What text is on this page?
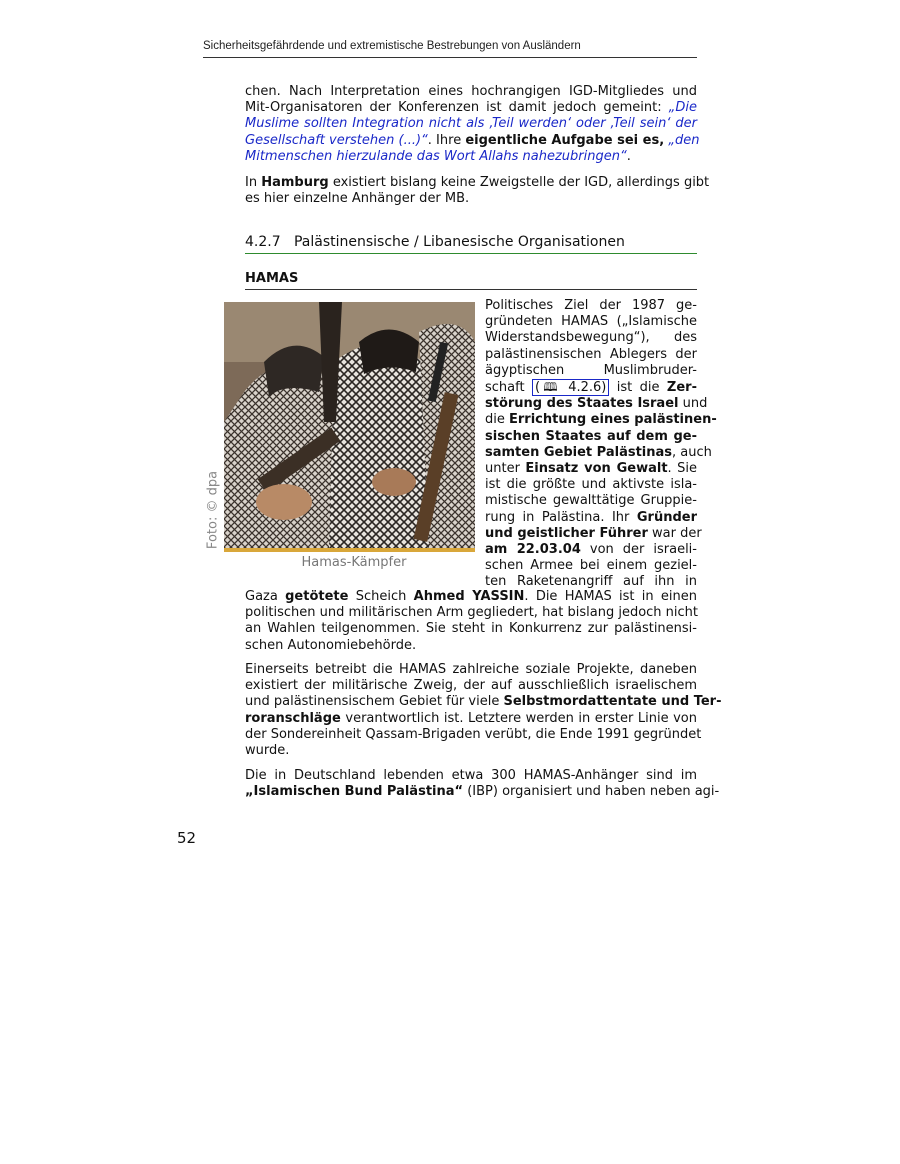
Sicherheitsgefährdende und extremistische Bestrebungen von Ausländern
chen. Nach Interpretation eines hochrangigen IGD-Mitgliedes und
Mit-Organisatoren der Konferenzen ist damit jedoch gemeint: „Die
Muslime sollten Integration nicht als ‚Teil werden‘ oder ‚Teil sein‘ der
Gesellschaft verstehen (...)“. Ihre eigentliche Aufgabe sei es, „den
Mitmenschen hierzulande das Wort Allahs nahezubringen“.
In Hamburg existiert bislang keine Zweigstelle der IGD, allerdings gibt
es hier einzelne Anhänger der MB.
4.2.7 Palästinensische / Libanesische Organisationen
HAMAS
Hamas-Kämpfer
Foto: © dpa
Politisches Ziel der 1987 ge-
gründeten HAMAS („Islamische
Widerstandsbewegung“), des
palästinensischen Ablegers der
ägyptischen	Muslimbruder-
schaft (🕮 4.2.6) ist die Zer-
störung des Staates Israel und
die Errichtung eines palästinen-
sischen Staates auf dem ge-
samten Gebiet Palästinas, auch
unter Einsatz von Gewalt. Sie
ist die größte und aktivste isla-
mistische gewalttätige Gruppie-
rung in Palästina. Ihr Gründer
und geistlicher Führer war der
am 22.03.04 von der israeli-
schen Armee bei einem geziel-
ten Raketenangriff auf ihn in
Gaza getötete Scheich Ahmed YASSIN. Die HAMAS ist in einen
politischen und militärischen Arm gegliedert, hat bislang jedoch nicht
an Wahlen teilgenommen. Sie steht in Konkurrenz zur palästinensi-
schen Autonomiebehörde.
Einerseits betreibt die HAMAS zahlreiche soziale Projekte, daneben
existiert der militärische Zweig, der auf ausschließlich israelischem
und palästinensischem Gebiet für viele Selbstmordattentate und Ter-
roranschläge verantwortlich ist. Letztere werden in erster Linie von
der Sondereinheit Qassam-Brigaden verübt, die Ende 1991 gegründet
wurde.
Die in Deutschland lebenden etwa 300 HAMAS-Anhänger sind im
„Islamischen Bund Palästina“ (IBP) organisiert und haben neben agi-
52
